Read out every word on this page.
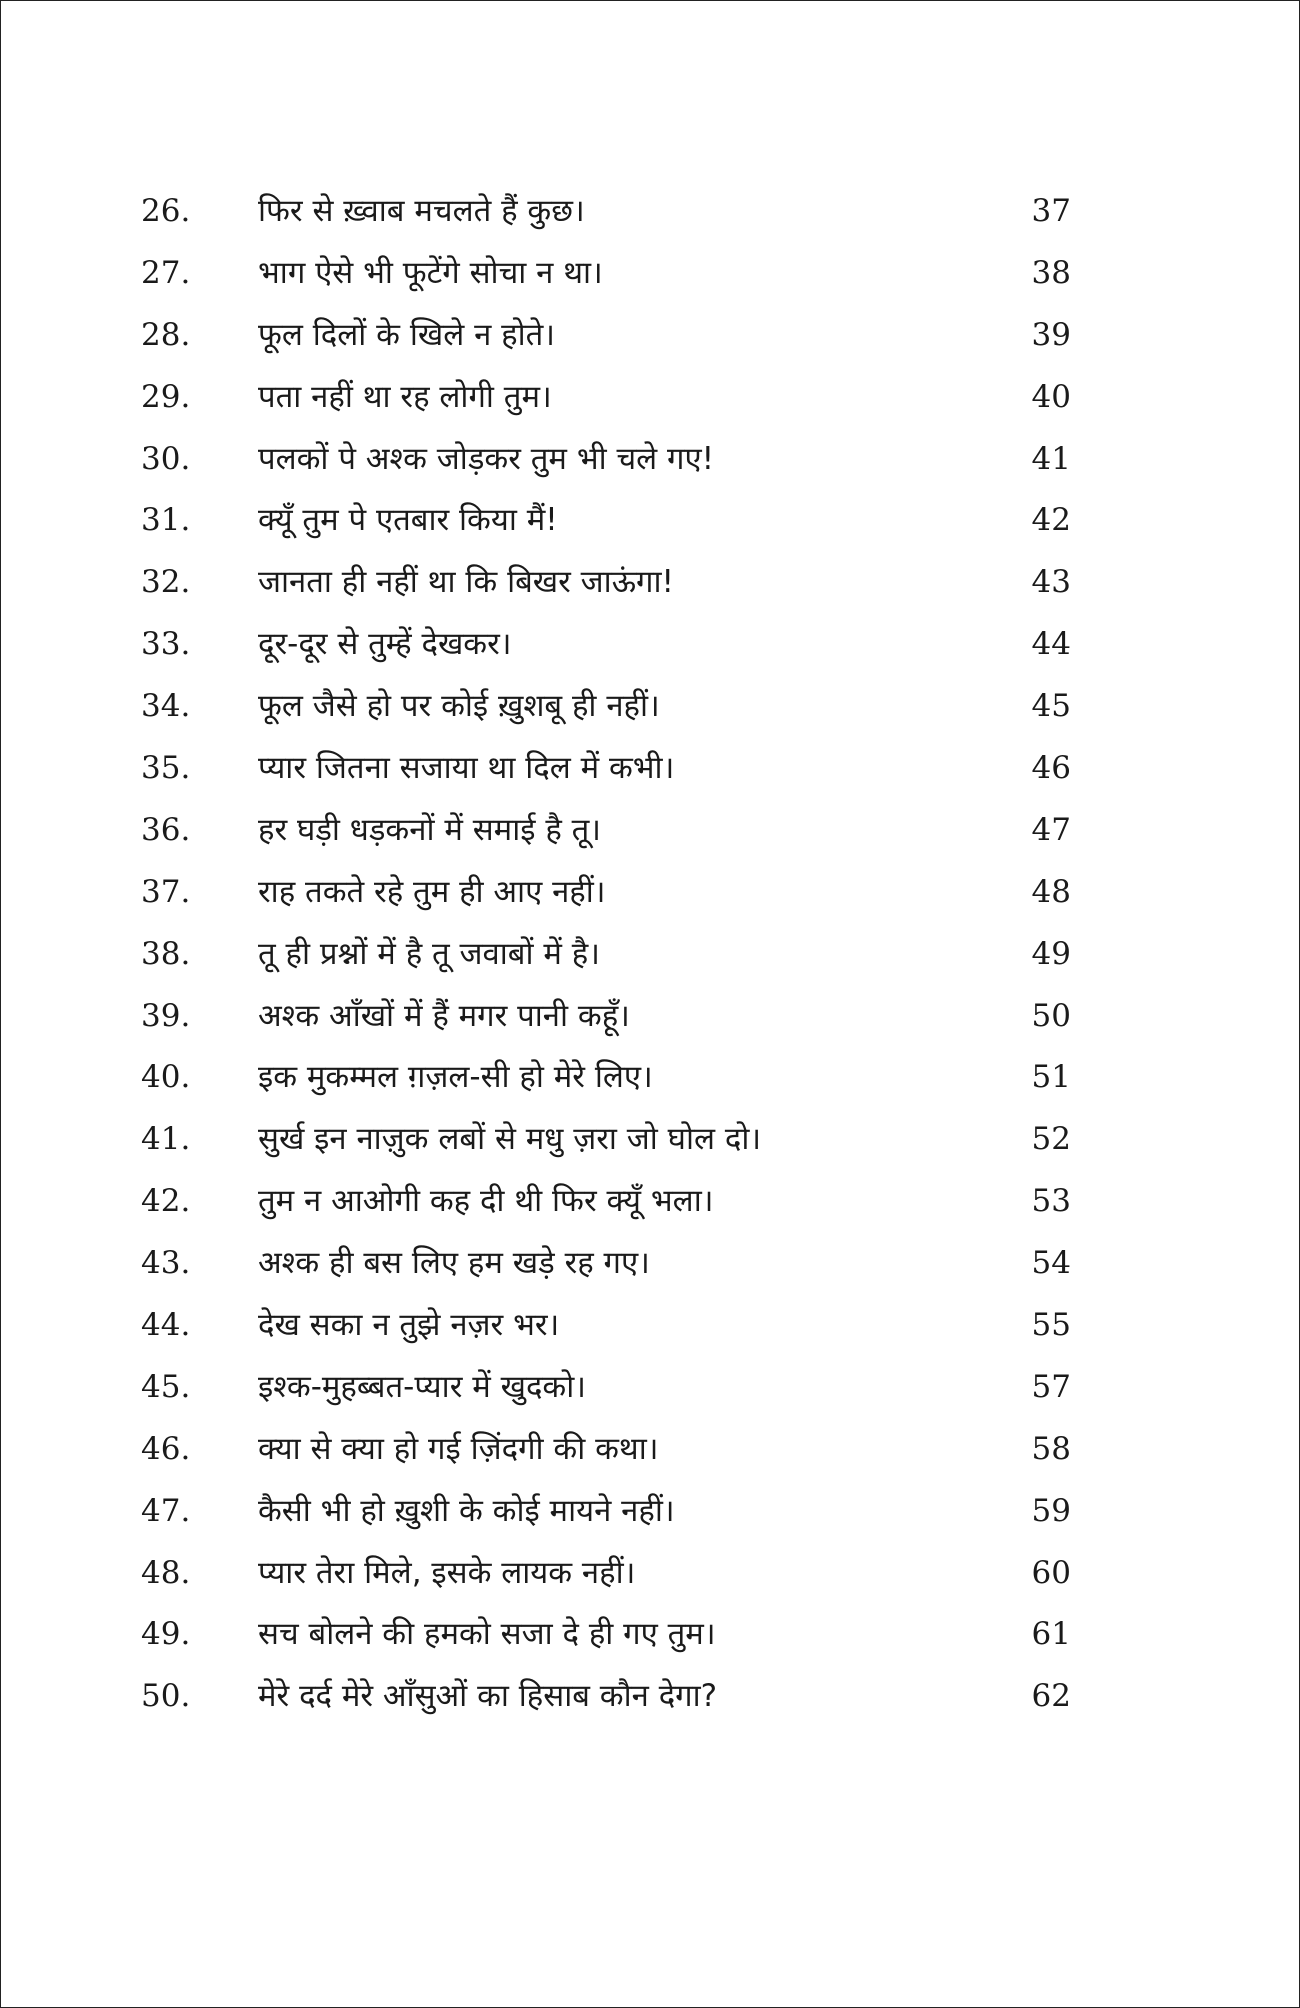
26. फिर से ख़्वाब मचलते हैं कुछ।	37
27. भाग ऐसे भी फूटेंगे सोचा न था।	38
28. फूल दिलों के खिले न होते।	39
29. पता नहीं था रह लोगी तुम।	40
30. पलकों पे अश्क जोड़कर तुम भी चले गए!	41
31. क्यूँ तुम पे एतबार किया मैं!	42
32. जानता ही नहीं था कि बिखर जाऊंगा!	43
33. दूर-दूर से तुम्हें देखकर।	44
34. फूल जैसे हो पर कोई ख़ुशबू ही नहीं।	45
35. प्यार जितना सजाया था दिल में कभी।	46
36. हर घड़ी धड़कनों में समाई है तू।	47
37. राह तकते रहे तुम ही आए नहीं।	48
38. तू ही प्रश्नों में है तू जवाबों में है।	49
39. अश्क आँखों में हैं मगर पानी कहूँ।	50
40. इक मुकम्मल ग़ज़ल-सी हो मेरे लिए।	51
41. सुर्ख इन नाज़ुक लबों से मधु ज़रा जो घोल दो।	52
42. तुम न आओगी कह दी थी फिर क्यूँ भला।	53
43. अश्क ही बस लिए हम खड़े रह गए।	54
44. देख सका न तुझे नज़र भर।	55
45. इश्क-मुहब्बत-प्यार में खुदको।	57
46. क्या से क्या हो गई ज़िंदगी की कथा।	58
47. कैसी भी हो ख़ुशी के कोई मायने नहीं।	59
48. प्यार तेरा मिले, इसके लायक नहीं।	60
49. सच बोलने की हमको सजा दे ही गए तुम।	61
50. मेरे दर्द मेरे आँसुओं का हिसाब कौन देगा?	62
